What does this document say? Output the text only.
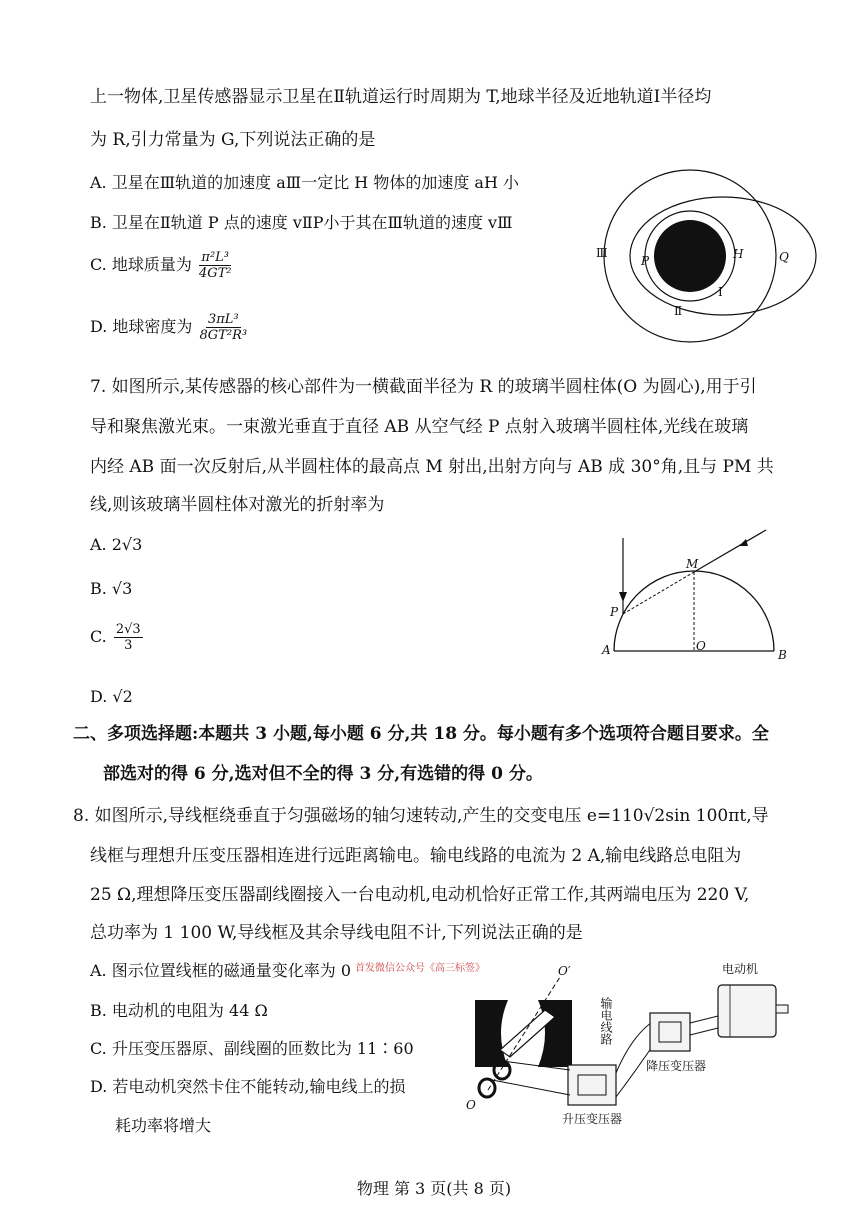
上一物体,卫星传感器显示卫星在Ⅱ轨道运行时周期为 T,地球半径及近地轨道Ⅰ半径均
为 R,引力常量为 G,下列说法正确的是
A. 卫星在Ⅲ轨道的加速度 aⅢ一定比 H 物体的加速度 aH 小
B. 卫星在Ⅱ轨道 P 点的速度 vⅡP小于其在Ⅲ轨道的速度 vⅢ
C. 地球质量为 $\frac{\text{π²L³}}{\text{4GT²}}$
D. 地球密度为 $\frac{\text{3πL³}}{\text{8GT²R³}}$
Ⅲ
P	H	Q
Ⅰ
Ⅱ
7. 如图所示,某传感器的核心部件为一横截面半径为 R 的玻璃半圆柱体(O 为圆心),用于引
导和聚焦激光束。一束激光垂直于直径 AB 从空气经 P 点射入玻璃半圆柱体,光线在玻璃
内经 AB 面一次反射后,从半圆柱体的最高点 M 射出,出射方向与 AB 成 30°角,且与 PM 共
线,则该玻璃半圆柱体对激光的折射率为
A. 2√3
B. √3
C. $\frac{2√3}{3}$
D. √2
M
P
A	O
B
二、多项选择题:本题共 3 小题,每小题 6 分,共 18 分。每小题有多个选项符合题目要求。全
部选对的得 6 分,选对但不全的得 3 分,有选错的得 0 分。
8. 如图所示,导线框绕垂直于匀强磁场的轴匀速转动,产生的交变电压 e=110√2sin 100πt,导
线框与理想升压变压器相连进行远距离输电。输电线路的电流为 2 A,输电线路总电阻为
25 Ω,理想降压变压器副线圈接入一台电动机,电动机恰好正常工作,其两端电压为 220 V,
总功率为 1 100 W,导线框及其余导线电阻不计,下列说法正确的是
首发微信公众号《高三标签》
A. 图示位置线框的磁通量变化率为 0
B. 电动机的电阻为 44 Ω
C. 升压变压器原、副线圈的匝数比为 11∶60
D. 若电动机突然卡住不能转动,输电线上的损
耗功率将增大
O′
O
升压变压器
输电线路
降压变压器
电动机
物理 第 3 页(共 8 页)
